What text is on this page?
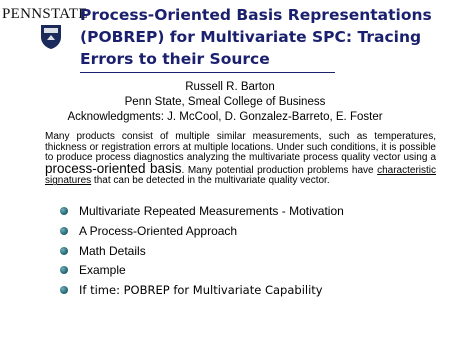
PENNSTATE
Process-Oriented Basis Representations
(POBREP) for Multivariate SPC: Tracing
Errors to their Source
Russell R. Barton
Penn State, Smeal College of Business
Acknowledgments: J. McCool, D. Gonzalez-Barreto, E. Foster
Many products consist of multiple similar measurements, such as temperatures, thickness or registration errors at multiple locations. Under such conditions, it is possible to produce process diagnostics analyzing the multivariate process quality vector using a process-oriented basis. Many potential production problems have characteristic signatures that can be detected in the multivariate quality vector.
Multivariate Repeated Measurements - Motivation
A Process-Oriented Approach
Math Details
Example
If time: POBREP for Multivariate Capability
